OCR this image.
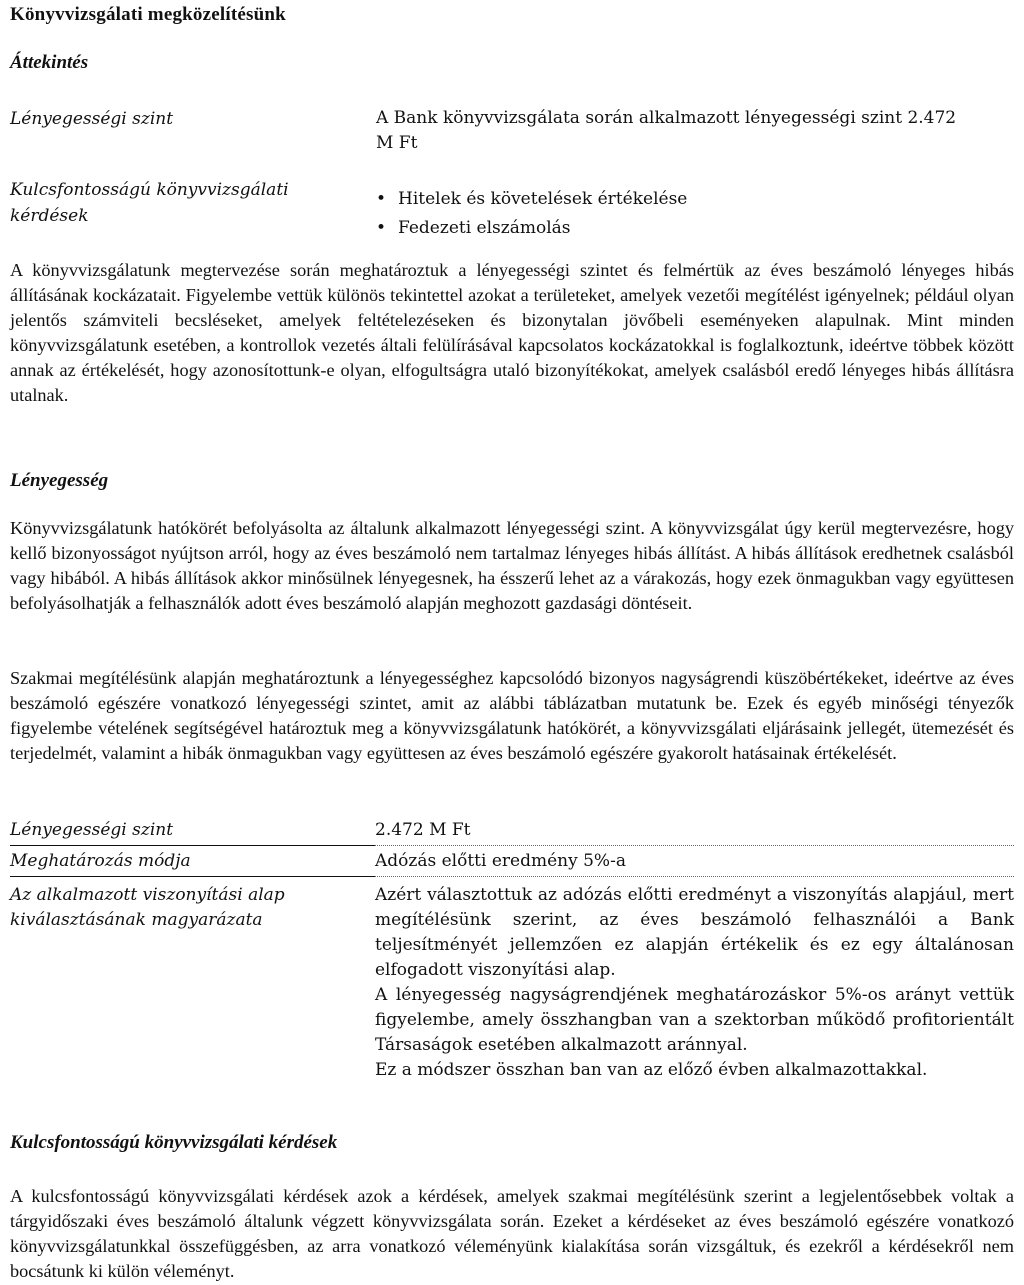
Könyvvizsgálati megközelítésünk
Áttekintés
Lényegességi szint	A Bank könyvvizsgálata során alkalmazott lényegességi szint 2.472
M Ft
Kulcsfontosságú könyvvizsgálati
kérdések
• Hitelek és követelések értékelése
• Fedezeti elszámolás
A könyvvizsgálatunk megtervezése során meghatároztuk a lényegességi szintet és felmértük az éves beszámoló lényeges hibás állításának kockázatait. Figyelembe vettük különös tekintettel azokat a területeket, amelyek vezetői megítélést igényelnek; például olyan jelentős számviteli becsléseket, amelyek feltételezéseken és bizonytalan jövőbeli eseményeken alapulnak. Mint minden könyvvizsgálatunk esetében, a kontrollok vezetés általi felülírásával kapcsolatos kockázatokkal is foglalkoztunk, ideértve többek között annak az értékelését, hogy azonosítottunk-e olyan, elfogultságra utaló bizonyítékokat, amelyek csalásból eredő lényeges hibás állításra utalnak.
Lényegesség
Könyvvizsgálatunk hatókörét befolyásolta az általunk alkalmazott lényegességi szint. A könyvvizsgálat úgy kerül megtervezésre, hogy kellő bizonyosságot nyújtson arról, hogy az éves beszámoló nem tartalmaz lényeges hibás állítást. A hibás állítások eredhetnek csalásból vagy hibából. A hibás állítások akkor minősülnek lényegesnek, ha ésszerű lehet az a várakozás, hogy ezek önmagukban vagy együttesen befolyásolhatják a felhasználók adott éves beszámoló alapján meghozott gazdasági döntéseit.
Szakmai megítélésünk alapján meghatároztunk a lényegességhez kapcsolódó bizonyos nagyságrendi küszöbértékeket, ideértve az éves beszámoló egészére vonatkozó lényegességi szintet, amit az alábbi táblázatban mutatunk be. Ezek és egyéb minőségi tényezők figyelembe vételének segítségével határoztuk meg a könyvvizsgálatunk hatókörét, a könyvvizsgálati eljárásaink jellegét, ütemezését és terjedelmét, valamint a hibák önmagukban vagy együttesen az éves beszámoló egészére gyakorolt hatásainak értékelését.
Lényegességi szint	2.472 M Ft
Meghatározás módja	Adózás előtti eredmény 5%-a
Az alkalmazott viszonyítási alap kiválasztásának magyarázata	Azért választottuk az adózás előtti eredményt a viszonyítás alapjául, mert megítélésünk szerint, az éves beszámoló felhasználói a Bank teljesítményét jellemzően ez alapján értékelik és ez egy általánosan elfogadott viszonyítási alap.
A lényegesség nagyságrendjének meghatározáskor 5%-os arányt vettük figyelembe, amely összhangban van a szektorban működő profitorientált Társaságok esetében alkalmazott aránnyal.
Ez a módszer összhan ban van az előző évben alkalmazottakkal.
Kulcsfontosságú könyvvizsgálati kérdések
A kulcsfontosságú könyvvizsgálati kérdések azok a kérdések, amelyek szakmai megítélésünk szerint a legjelentősebbek voltak a tárgyidőszaki éves beszámoló általunk végzett könyvvizsgálata során. Ezeket a kérdéseket az éves beszámoló egészére vonatkozó könyvvizsgálatunkkal összefüggésben, az arra vonatkozó véleményünk kialakítása során vizsgáltuk, és ezekről a kérdésekről nem bocsátunk ki külön véleményt.
